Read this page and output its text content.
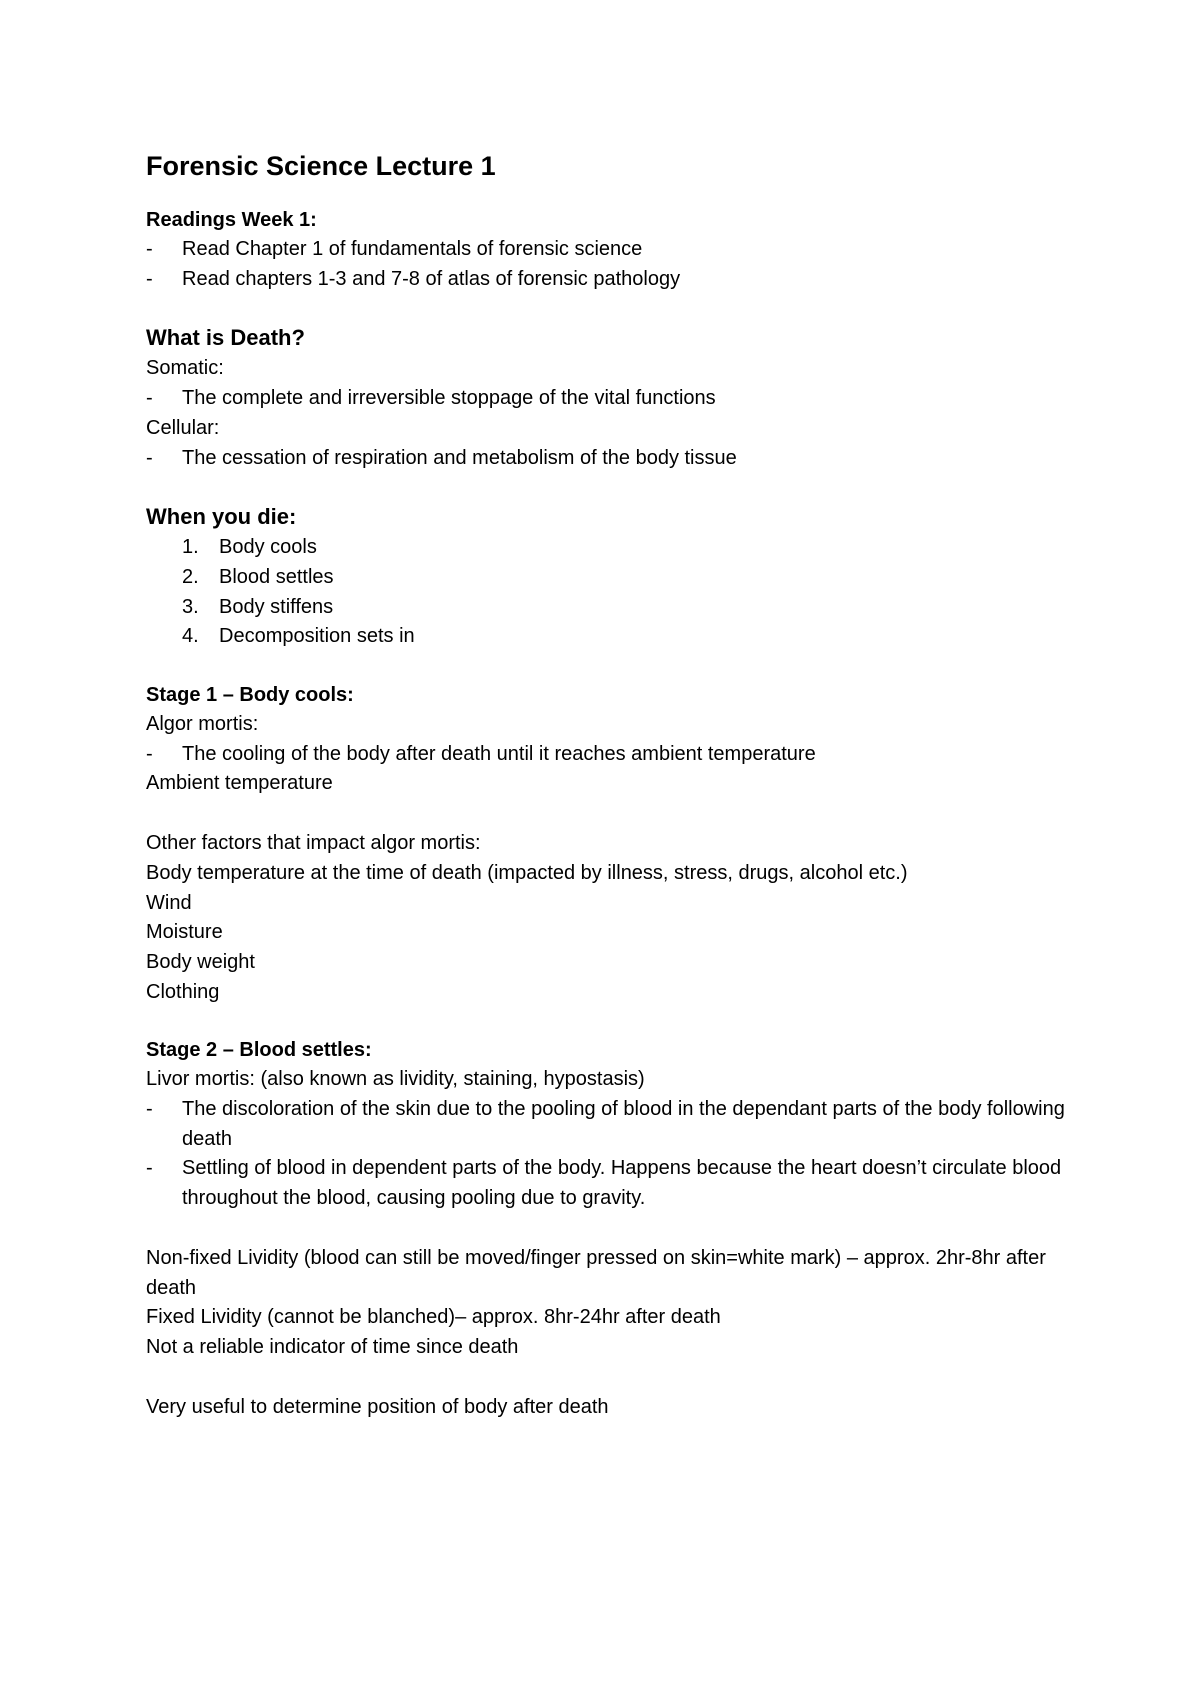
Forensic Science Lecture 1
Readings Week 1:
- Read Chapter 1 of fundamentals of forensic science
- Read chapters 1-3 and 7-8 of atlas of forensic pathology
What is Death?
Somatic:
- The complete and irreversible stoppage of the vital functions
Cellular:
- The cessation of respiration and metabolism of the body tissue
When you die:
1. Body cools
2. Blood settles
3. Body stiffens
4. Decomposition sets in
Stage 1 – Body cools:
Algor mortis:
- The cooling of the body after death until it reaches ambient temperature
Ambient temperature
Other factors that impact algor mortis:
Body temperature at the time of death (impacted by illness, stress, drugs, alcohol etc.)
Wind
Moisture
Body weight
Clothing
Stage 2 – Blood settles:
Livor mortis: (also known as lividity, staining, hypostasis)
- The discoloration of the skin due to the pooling of blood in the dependant parts of the body following death
- Settling of blood in dependent parts of the body. Happens because the heart doesn’t circulate blood throughout the blood, causing pooling due to gravity.
Non-fixed Lividity (blood can still be moved/finger pressed on skin=white mark) – approx. 2hr-8hr after death
Fixed Lividity (cannot be blanched)– approx. 8hr-24hr after death
Not a reliable indicator of time since death
Very useful to determine position of body after death
